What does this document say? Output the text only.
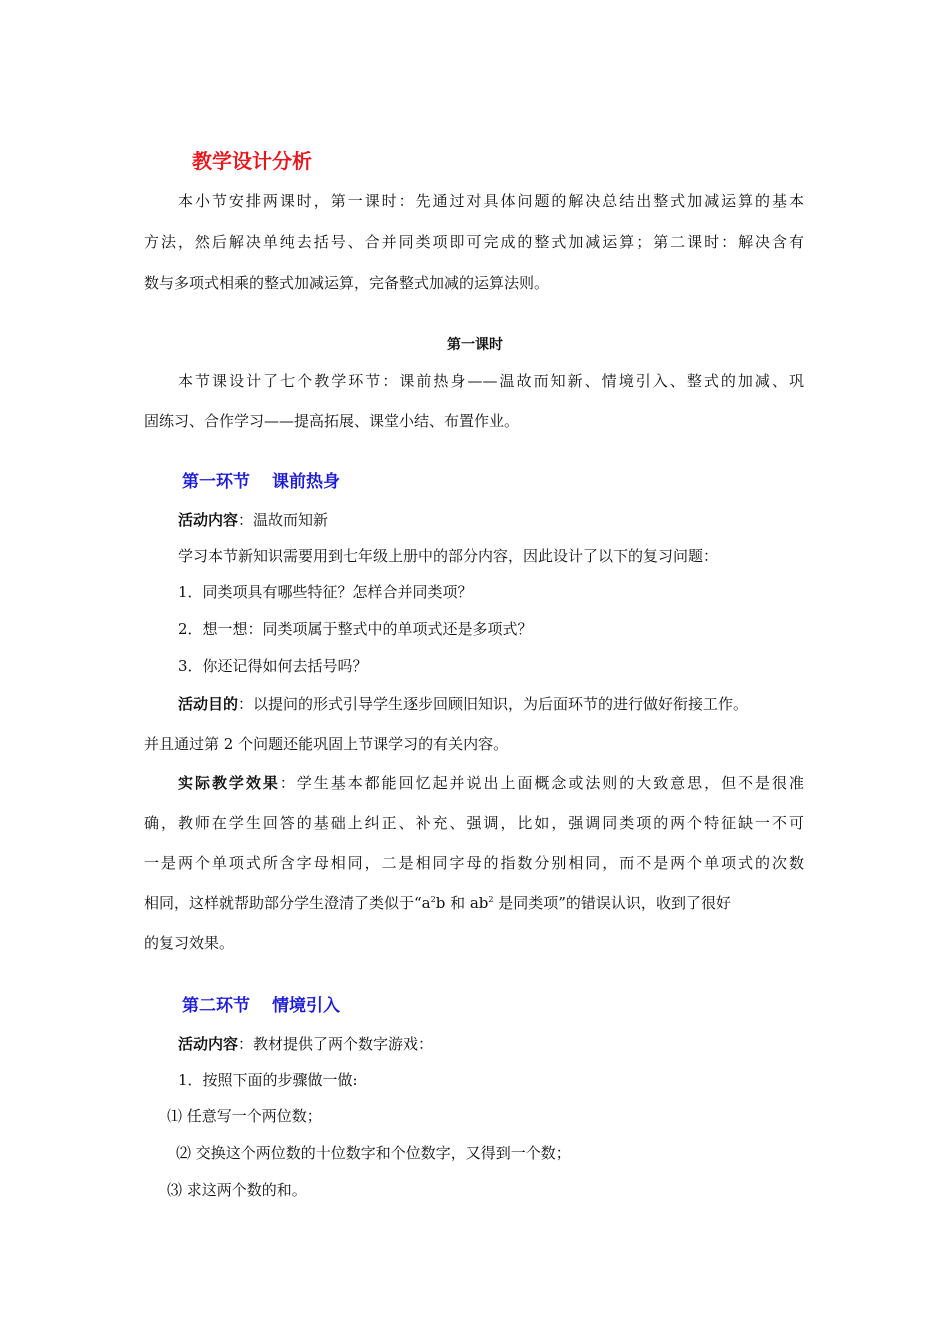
教学设计分析
本小节安排两课时，第一课时：先通过对具体问题的解决总结出整式加减运算的基本
方法，然后解决单纯去括号、合并同类项即可完成的整式加减运算；第二课时：解决含有
数与多项式相乘的整式加减运算，完备整式加减的运算法则。
第一课时
本节课设计了七个教学环节：课前热身——温故而知新、情境引入、整式的加减、巩
固练习、合作学习——提高拓展、课堂小结、布置作业。
第一环节 课前热身
活动内容：温故而知新
学习本节新知识需要用到七年级上册中的部分内容，因此设计了以下的复习问题：
1．同类项具有哪些特征？怎样合并同类项？
2．想一想：同类项属于整式中的单项式还是多项式？
3．你还记得如何去括号吗？
活动目的：以提问的形式引导学生逐步回顾旧知识，为后面环节的进行做好衔接工作。
并且通过第 2 个问题还能巩固上节课学习的有关内容。
实际教学效果：学生基本都能回忆起并说出上面概念或法则的大致意思，但不是很准
确，教师在学生回答的基础上纠正、补充、强调，比如，强调同类项的两个特征缺一不可
一是两个单项式所含字母相同，二是相同字母的指数分别相同，而不是两个单项式的次数
相同，这样就帮助部分学生澄清了类似于“$a^2b$ 和 $ab^2$ 是同类项”的错误认识，收到了很好
的复习效果。
第二环节 情境引入
活动内容：教材提供了两个数字游戏：
1．按照下面的步骤做一做:
⑴ 任意写一个两位数；
⑵ 交换这个两位数的十位数字和个位数字，又得到一个数；
⑶ 求这两个数的和。
